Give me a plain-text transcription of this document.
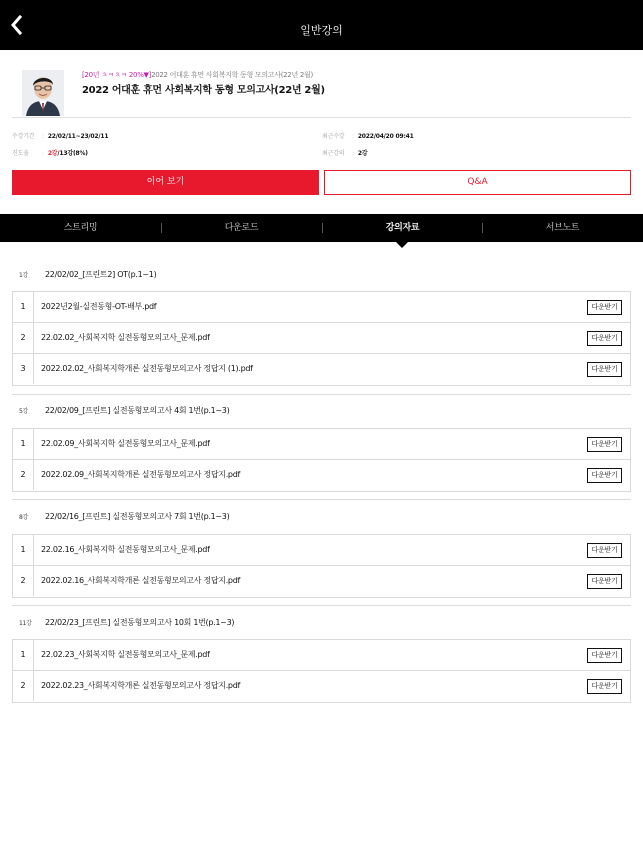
일반강의
[20년 ㅊㅋㅊㅋ 20%▼]2022 어대훈 휴먼 사회복지학 동형 모의고사(22년 2월)
2022 어대훈 휴먼 사회복지학 동형 모의고사(22년 2월)
수강기간 : 22/02/11~23/02/11	최근수강 : 2022/04/20 09:41
진도율 : 2강/13강(8%)	최근강의 : 2강
이어 보기	Q&A
스트리밍	다운로드	강의자료	서브노트
1강 22/02/02_[프린트2] OT(p.1~1)
1	2022년2월-실전동형-OT-배부.pdf	다운받기
2	22.02.02_사회복지학 실전동형모의고사_문제.pdf	다운받기
3	2022.02.02_사회복지학개론 실전동형모의고사 정답지 (1).pdf	다운받기
5강 22/02/09_[프린트] 실전동형모의고사 4회 1번(p.1~3)
1	22.02.09_사회복지학 실전동형모의고사_문제.pdf	다운받기
2	2022.02.09_사회복지학개론 실전동형모의고사 정답지.pdf	다운받기
8강 22/02/16_[프린트] 실전동형모의고사 7회 1번(p.1~3)
1	22.02.16_사회복지학 실전동형모의고사_문제.pdf	다운받기
2	2022.02.16_사회복지학개론 실전동형모의고사 정답지.pdf	다운받기
11강 22/02/23_[프린트] 실전동형모의고사 10회 1번(p.1~3)
1	22.02.23_사회복지학 실전동형모의고사_문제.pdf	다운받기
2	2022.02.23_사회복지학개론 실전동형모의고사 정답지.pdf	다운받기
